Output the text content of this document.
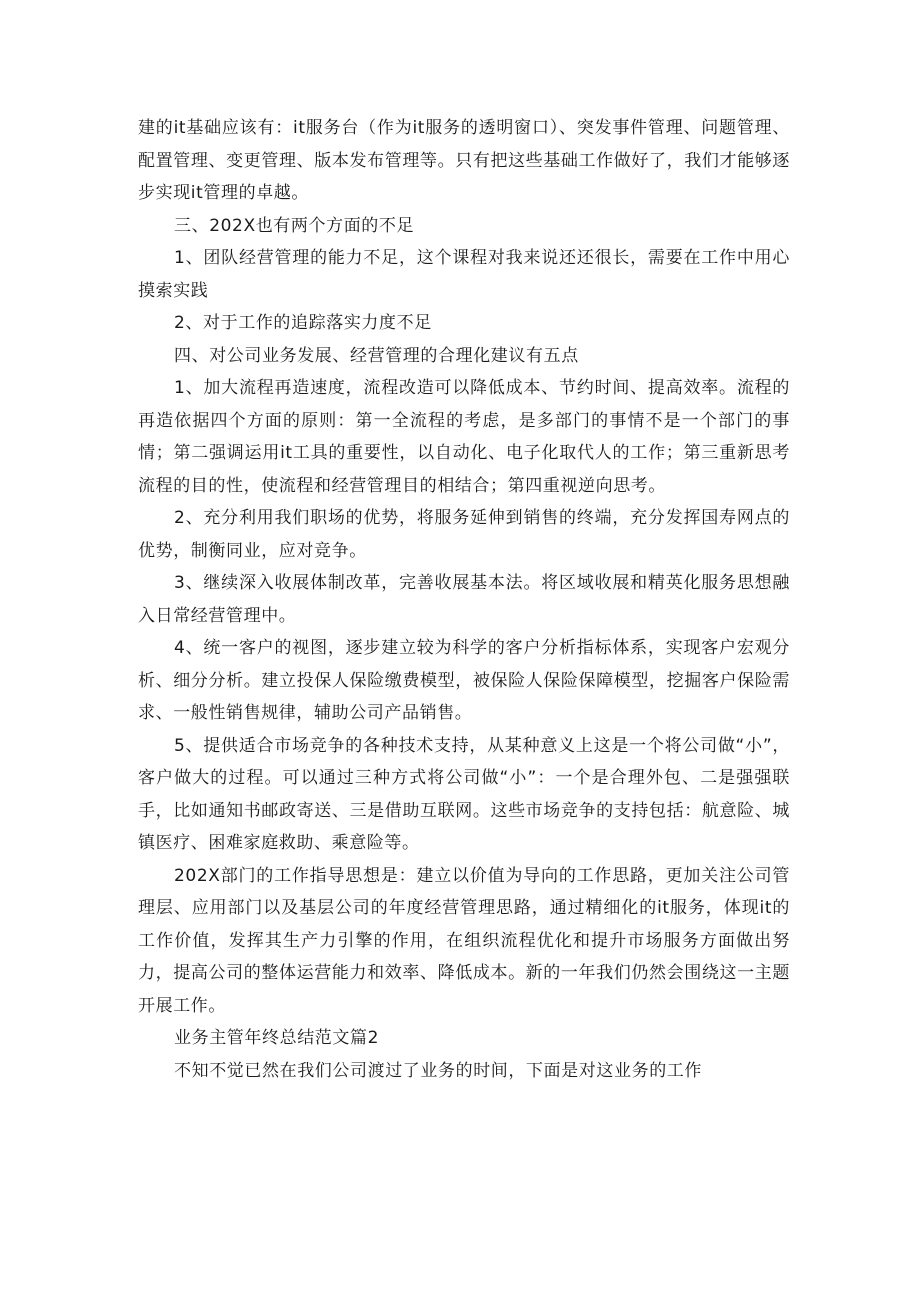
建的it基础应该有：it服务台（作为it服务的透明窗口）、突发事件管理、问题管理、配置管理、变更管理、版本发布管理等。只有把这些基础工作做好了，我们才能够逐步实现it管理的卓越。

三、202X也有两个方面的不足

1、团队经营管理的能力不足，这个课程对我来说还还很长，需要在工作中用心摸索实践

2、对于工作的追踪落实力度不足

四、对公司业务发展、经营管理的合理化建议有五点

1、加大流程再造速度，流程改造可以降低成本、节约时间、提高效率。流程的再造依据四个方面的原则：第一全流程的考虑，是多部门的事情不是一个部门的事情；第二强调运用it工具的重要性，以自动化、电子化取代人的工作；第三重新思考流程的目的性，使流程和经营管理目的相结合；第四重视逆向思考。

2、充分利用我们职场的优势，将服务延伸到销售的终端，充分发挥国寿网点的优势，制衡同业，应对竞争。

3、继续深入收展体制改革，完善收展基本法。将区域收展和精英化服务思想融入日常经营管理中。

4、统一客户的视图，逐步建立较为科学的客户分析指标体系，实现客户宏观分析、细分分析。建立投保人保险缴费模型，被保险人保险保障模型，挖掘客户保险需求、一般性销售规律，辅助公司产品销售。

5、提供适合市场竞争的各种技术支持，从某种意义上这是一个将公司做“小”，客户做大的过程。可以通过三种方式将公司做“小”：一个是合理外包、二是强强联手，比如通知书邮政寄送、三是借助互联网。这些市场竞争的支持包括：航意险、城镇医疗、困难家庭救助、乘意险等。

202X部门的工作指导思想是：建立以价值为导向的工作思路，更加关注公司管理层、应用部门以及基层公司的年度经营管理思路，通过精细化的it服务，体现it的工作价值，发挥其生产力引擎的作用，在组织流程优化和提升市场服务方面做出努力，提高公司的整体运营能力和效率、降低成本。新的一年我们仍然会围绕这一主题开展工作。

业务主管年终总结范文篇2

不知不觉已然在我们公司渡过了业务的时间，下面是对这业务的工作
